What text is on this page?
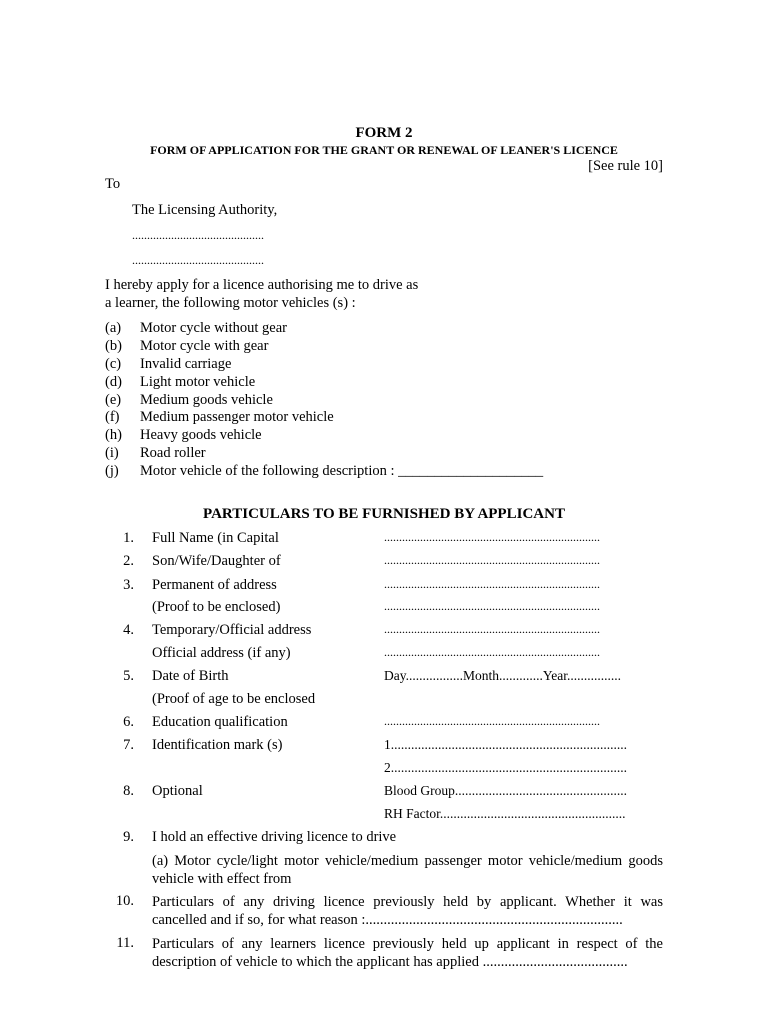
FORM 2
FORM OF APPLICATION FOR THE GRANT OR RENEWAL OF LEANER'S LICENCE
[See rule 10]
To
The Licensing Authority,
............................................
............................................
I hereby apply for a licence authorising me to drive as
a learner, the following motor vehicles (s) :
(a) Motor cycle without gear
(b) Motor cycle with gear
(c) Invalid carriage
(d) Light motor vehicle
(e) Medium goods vehicle
(f) Medium passenger motor vehicle
(h) Heavy goods vehicle
(i) Road roller
(j) Motor vehicle of the following description : ____________________
PARTICULARS TO BE FURNISHED BY APPLICANT
1. Full Name (in Capital	........................................................................
2. Son/Wife/Daughter of	........................................................................
3. Permanent of address	........................................................................
(Proof to be enclosed)	........................................................................
4. Temporary/Official address	........................................................................
Official address (if any)	........................................................................
5. Date of Birth	Day.................Month.............Year................
(Proof of age to be enclosed
6. Education qualification	........................................................................
7. Identification mark (s)	1......................................................................
2......................................................................
8. Optional	Blood Group...................................................
RH Factor.......................................................
9. I hold an effective driving licence to drive
(a) Motor cycle/light motor vehicle/medium passenger motor vehicle/medium goods vehicle with effect from
10. Particulars of any driving licence previously held by applicant. Whether it was cancelled and if so, for what reason :.......................................................................
11. Particulars of any learners licence previously held up applicant in respect of the description of vehicle to which the applicant has applied ........................................
